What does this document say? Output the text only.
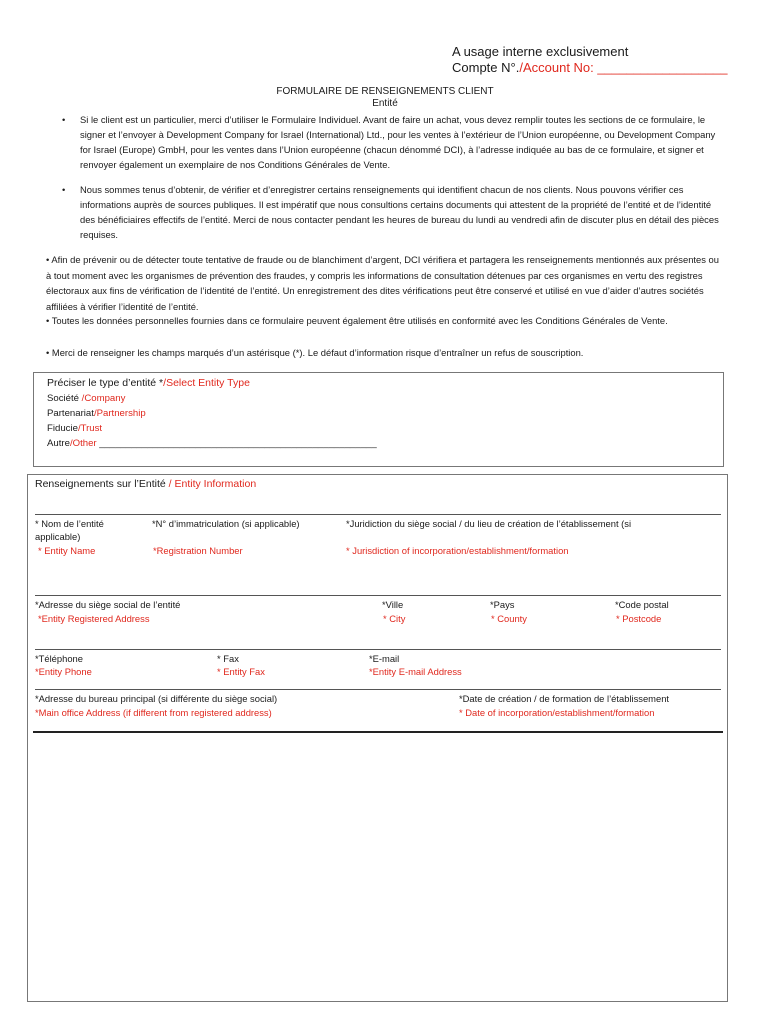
A usage interne exclusivement
Compte N°./Account No: __________________
FORMULAIRE DE RENSEIGNEMENTS CLIENT
Entité
• Si le client est un particulier, merci d’utiliser le Formulaire Individuel. Avant de faire un achat, vous devez remplir toutes les sections de ce formulaire, le signer et l’envoyer à Development Company for Israel (International) Ltd., pour les ventes à l’extérieur de l’Union européenne, ou Development Company for Israel (Europe) GmbH, pour les ventes dans l’Union européenne (chacun dénommé DCI), à l’adresse indiquée au bas de ce formulaire, et signer et renvoyer également un exemplaire de nos Conditions Générales de Vente.
• Nous sommes tenus d’obtenir, de vérifier et d’enregistrer certains renseignements qui identifient chacun de nos clients. Nous pouvons vérifier ces informations auprès de sources publiques. Il est impératif que nous consultions certains documents qui attestent de la propriété de l’entité et de l’identité des bénéficiaires effectifs de l’entité. Merci de nous contacter pendant les heures de bureau du lundi au vendredi afin de discuter plus en détail des pièces requises.
• Afin de prévenir ou de détecter toute tentative de fraude ou de blanchiment d’argent, DCI vérifiera et partagera les renseignements mentionnés aux présentes ou à tout moment avec les organismes de prévention des fraudes, y compris les informations de consultation détenues par ces organismes en vertu des registres électoraux aux fins de vérification de l’identité de l’entité. Un enregistrement des dites vérifications peut être conservé et utilisé en vue d’aider d’autres sociétés affiliées à vérifier l’identité de l’entité.
• Toutes les données personnelles fournies dans ce formulaire peuvent également être utilisés en conformité avec les Conditions Générales de Vente.
• Merci de renseigner les champs marqués d’un astérisque (*). Le défaut d’information risque d’entraîner un refus de souscription.
Préciser le type d’entité */Select Entity Type
Société /Company
Partenariat/Partnership
Fiducie/Trust
Autre/Other ____________________________________________________
Renseignements sur l’Entité / Entity Information
* Nom de l’entité applicable)
* Entity Name
*N° d’immatriculation (si applicable)
*Registration Number
*Juridiction du siège social / du lieu de création de l’établissement (si
* Jurisdiction of incorporation/establishment/formation
*Adresse du siège social de l’entité
*Entity Registered Address
*Ville
* City
*Pays
* County
*Code postal
* Postcode
*Téléphone
*Entity Phone
* Fax
* Entity Fax
*E-mail
*Entity E-mail Address
*Adresse du bureau principal (si différente du siège social)
*Main office Address (if different from registered address)
*Date de création / de formation de l’établissement
* Date of incorporation/establishment/formation
